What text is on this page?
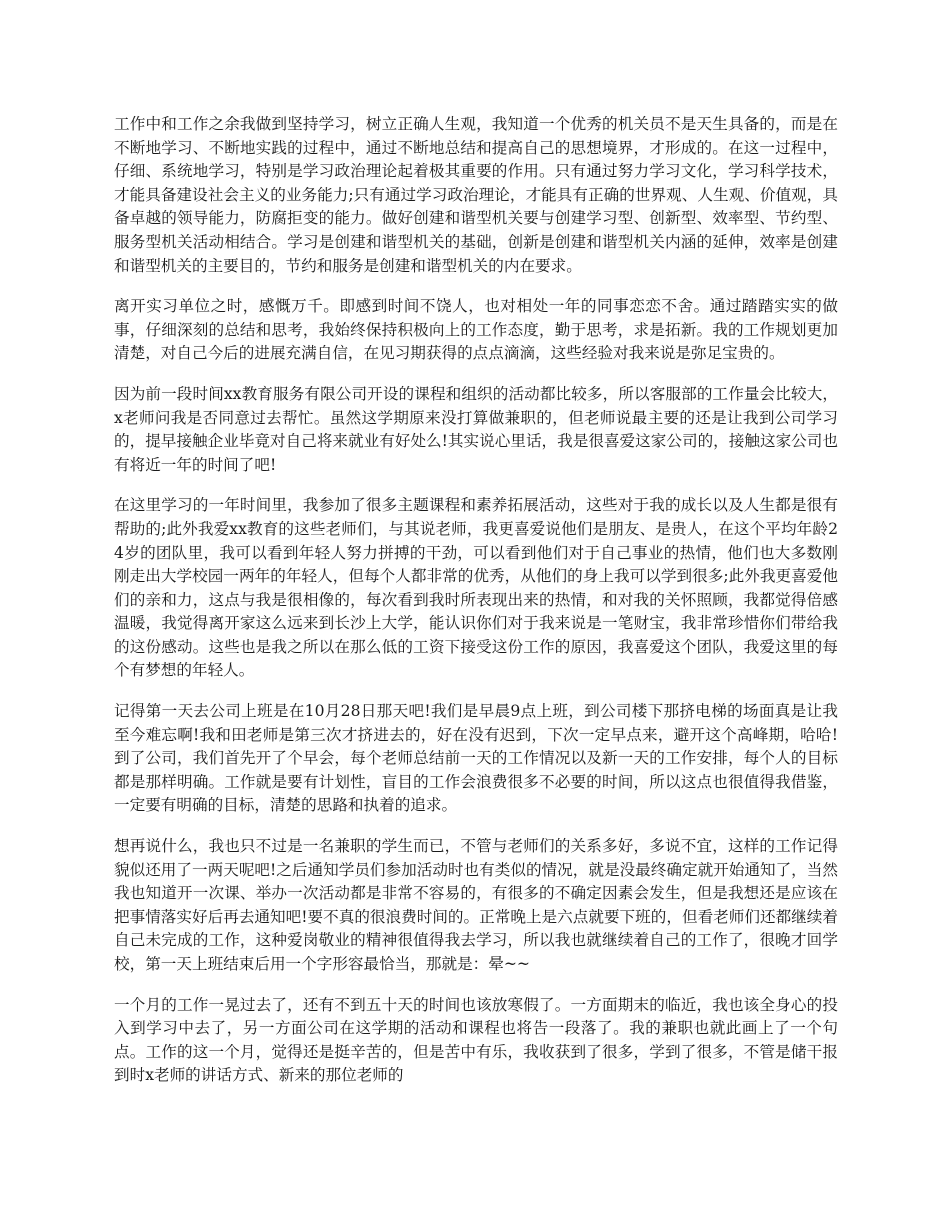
工作中和工作之余我做到坚持学习，树立正确人生观，我知道一个优秀的机关员不是天生具备的，而是在不断地学习、不断地实践的过程中，通过不断地总结和提高自己的思想境界，才形成的。在这一过程中，仔细、系统地学习，特别是学习政治理论起着极其重要的作用。只有通过努力学习文化，学习科学技术，才能具备建设社会主义的业务能力;只有通过学习政治理论，才能具有正确的世界观、人生观、价值观，具备卓越的领导能力，防腐拒变的能力。做好创建和谐型机关要与创建学习型、创新型、效率型、节约型、服务型机关活动相结合。学习是创建和谐型机关的基础，创新是创建和谐型机关内涵的延伸，效率是创建和谐型机关的主要目的，节约和服务是创建和谐型机关的内在要求。

离开实习单位之时，感慨万千。即感到时间不饶人，也对相处一年的同事恋恋不舍。通过踏踏实实的做事，仔细深刻的总结和思考，我始终保持积极向上的工作态度，勤于思考，求是拓新。我的工作规划更加清楚，对自己今后的进展充满自信，在见习期获得的点点滴滴，这些经验对我来说是弥足宝贵的。

因为前一段时间xx教育服务有限公司开设的课程和组织的活动都比较多，所以客服部的工作量会比较大，x老师问我是否同意过去帮忙。虽然这学期原来没打算做兼职的，但老师说最主要的还是让我到公司学习的，提早接触企业毕竟对自己将来就业有好处么!其实说心里话，我是很喜爱这家公司的，接触这家公司也有将近一年的时间了吧!

在这里学习的一年时间里，我参加了很多主题课程和素养拓展活动，这些对于我的成长以及人生都是很有帮助的;此外我爱xx教育的这些老师们，与其说老师，我更喜爱说他们是朋友、是贵人，在这个平均年龄24岁的团队里，我可以看到年轻人努力拼搏的干劲，可以看到他们对于自己事业的热情，他们也大多数刚刚走出大学校园一两年的年轻人，但每个人都非常的优秀，从他们的身上我可以学到很多;此外我更喜爱他们的亲和力，这点与我是很相像的，每次看到我时所表现出来的热情，和对我的关怀照顾，我都觉得倍感温暖，我觉得离开家这么远来到长沙上大学，能认识你们对于我来说是一笔财宝，我非常珍惜你们带给我的这份感动。这些也是我之所以在那么低的工资下接受这份工作的原因，我喜爱这个团队，我爱这里的每个有梦想的年轻人。

记得第一天去公司上班是在10月28日那天吧!我们是早晨9点上班，到公司楼下那挤电梯的场面真是让我至今难忘啊!我和田老师是第三次才挤进去的，好在没有迟到，下次一定早点来，避开这个高峰期，哈哈!到了公司，我们首先开了个早会，每个老师总结前一天的工作情况以及新一天的工作安排，每个人的目标都是那样明确。工作就是要有计划性，盲目的工作会浪费很多不必要的时间，所以这点也很值得我借鉴，一定要有明确的目标，清楚的思路和执着的追求。

想再说什么，我也只不过是一名兼职的学生而已，不管与老师们的关系多好，多说不宜，这样的工作记得貌似还用了一两天呢吧!之后通知学员们参加活动时也有类似的情况，就是没最终确定就开始通知了，当然我也知道开一次课、举办一次活动都是非常不容易的，有很多的不确定因素会发生，但是我想还是应该在把事情落实好后再去通知吧!要不真的很浪费时间的。正常晚上是六点就要下班的，但看老师们还都继续着自己未完成的工作，这种爱岗敬业的精神很值得我去学习，所以我也就继续着自己的工作了，很晚才回学校，第一天上班结束后用一个字形容最恰当，那就是：晕~~

一个月的工作一晃过去了，还有不到五十天的时间也该放寒假了。一方面期末的临近，我也该全身心的投入到学习中去了，另一方面公司在这学期的活动和课程也将告一段落了。我的兼职也就此画上了一个句点。工作的这一个月，觉得还是挺辛苦的，但是苦中有乐，我收获到了很多，学到了很多，不管是储干报到时x老师的讲话方式、新来的那位老师的
